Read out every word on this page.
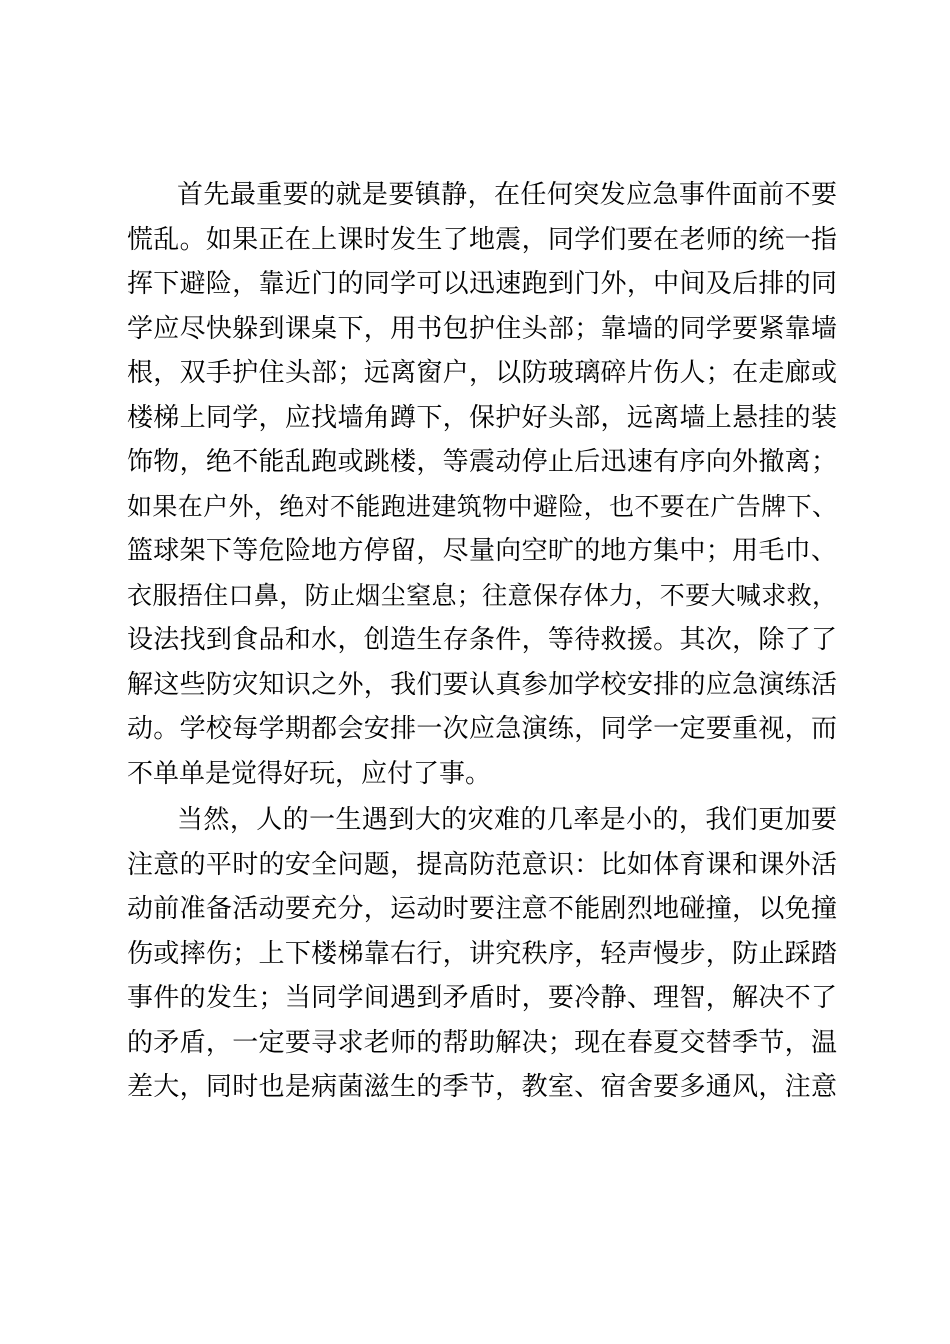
首先最重要的就是要镇静，在任何突发应急事件面前不要
慌乱。如果正在上课时发生了地震，同学们要在老师的统一指
挥下避险，靠近门的同学可以迅速跑到门外，中间及后排的同
学应尽快躲到课桌下，用书包护住头部；靠墙的同学要紧靠墙
根，双手护住头部；远离窗户，以防玻璃碎片伤人；在走廊或
楼梯上同学，应找墙角蹲下，保护好头部，远离墙上悬挂的装
饰物，绝不能乱跑或跳楼，等震动停止后迅速有序向外撤离；
如果在户外，绝对不能跑进建筑物中避险，也不要在广告牌下、
篮球架下等危险地方停留，尽量向空旷的地方集中；用毛巾、
衣服捂住口鼻，防止烟尘窒息；往意保存体力，不要大喊求救，
设法找到食品和水，创造生存条件，等待救援。其次，除了了
解这些防灾知识之外，我们要认真参加学校安排的应急演练活
动。学校每学期都会安排一次应急演练，同学一定要重视，而
不单单是觉得好玩，应付了事。
当然，人的一生遇到大的灾难的几率是小的，我们更加要
注意的平时的安全问题，提高防范意识：比如体育课和课外活
动前准备活动要充分，运动时要注意不能剧烈地碰撞，以免撞
伤或摔伤；上下楼梯靠右行，讲究秩序，轻声慢步，防止踩踏
事件的发生；当同学间遇到矛盾时，要冷静、理智，解决不了
的矛盾，一定要寻求老师的帮助解决；现在春夏交替季节，温
差大，同时也是病菌滋生的季节，教室、宿舍要多通风，注意
